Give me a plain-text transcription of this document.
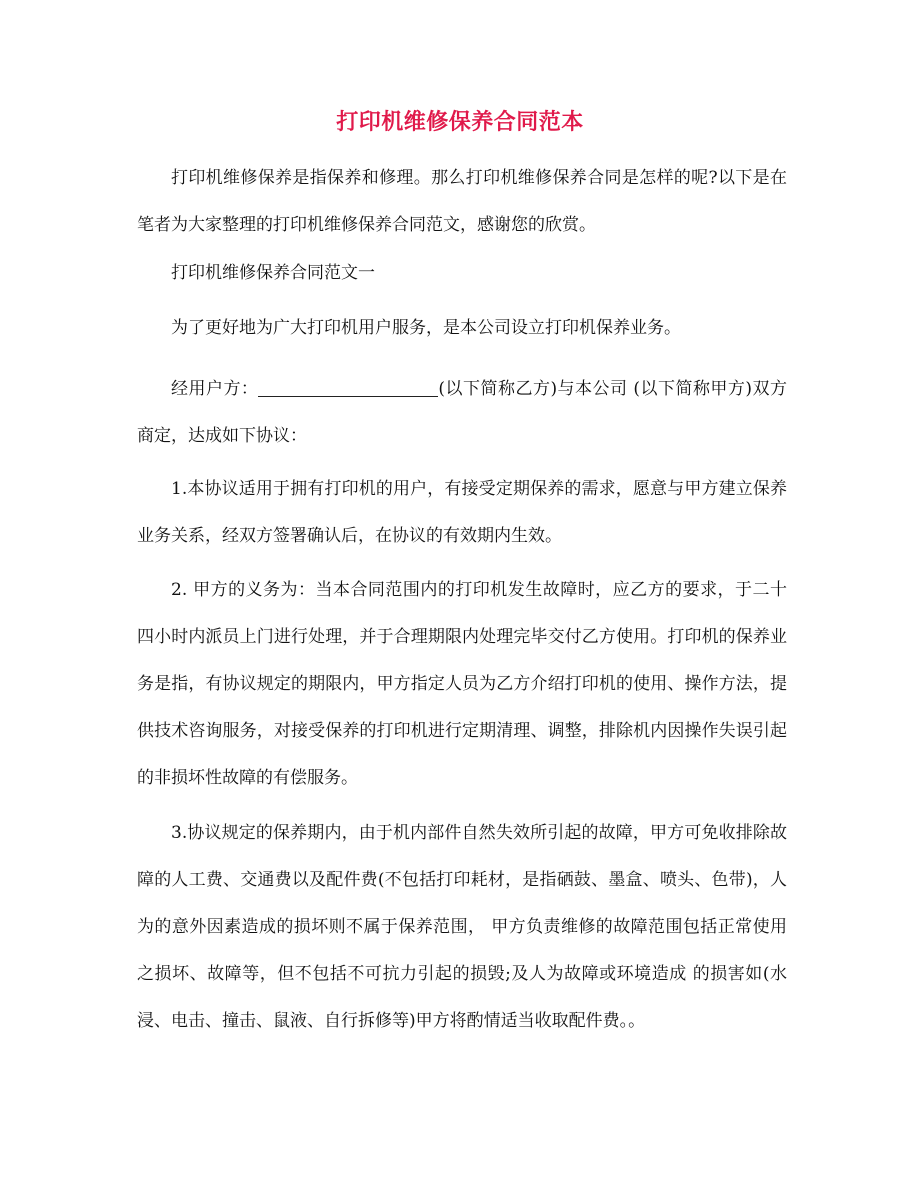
打印机维修保养合同范本

打印机维修保养是指保养和修理。那么打印机维修保养合同是怎样的呢?以下是在笔者为大家整理的打印机维修保养合同范文，感谢您的欣赏。

打印机维修保养合同范文一

为了更好地为广大打印机用户服务，是本公司设立打印机保养业务。

经用户方：	(以下简称乙方)与本公司 (以下简称甲方)双方商定，达成如下协议：

1.本协议适用于拥有打印机的用户，有接受定期保养的需求，愿意与甲方建立保养业务关系，经双方签署确认后，在协议的有效期内生效。

2. 甲方的义务为：当本合同范围内的打印机发生故障时，应乙方的要求，于二十四小时内派员上门进行处理，并于合理期限内处理完毕交付乙方使用。打印机的保养业务是指，有协议规定的期限内，甲方指定人员为乙方介绍打印机的使用、操作方法，提供技术咨询服务，对接受保养的打印机进行定期清理、调整，排除机内因操作失误引起的非损坏性故障的有偿服务。

3.协议规定的保养期内，由于机内部件自然失效所引起的故障，甲方可免收排除故障的人工费、交通费以及配件费(不包括打印耗材，是指硒鼓、墨盒、喷头、色带)，人为的意外因素造成的损坏则不属于保养范围， 甲方负责维修的故障范围包括正常使用之损坏、故障等，但不包括不可抗力引起的损毁;及人为故障或环境造成 的损害如(水浸、电击、撞击、鼠液、自行拆修等)甲方将酌情适当收取配件费。。
